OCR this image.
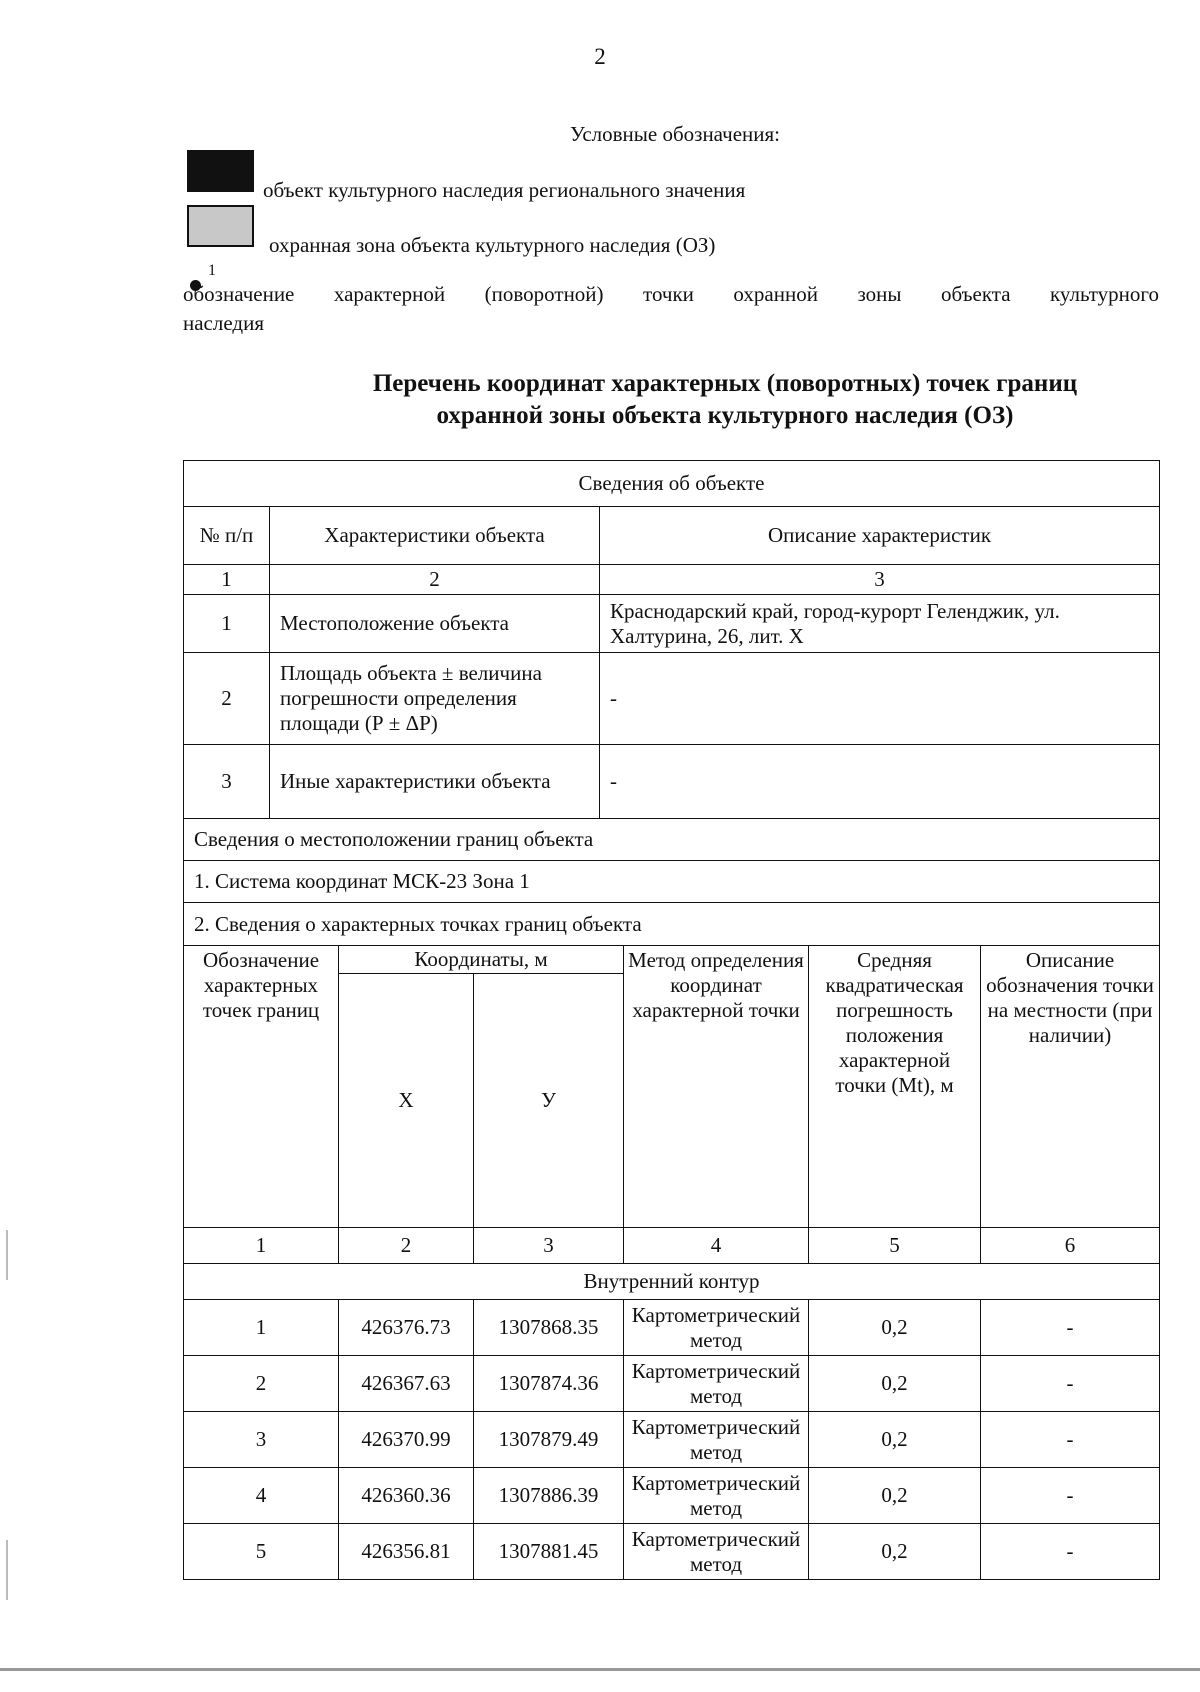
2
Условные обозначения:
объект культурного наследия регионального значения
охранная зона объекта культурного наследия (ОЗ)
1
обозначение характерной (поворотной) точки охранной зоны объекта культурного
наследия
Перечень координат характерных (поворотных) точек границ
охранной зоны объекта культурного наследия (ОЗ)
Сведения об объекте		
№ п/п	Характеристики объекта	Описание характеристик
1	2	3
1	Местоположение объекта	Краснодарский край, город-курорт Геленджик, ул. Халтурина, 26, лит. Х
2	Площадь объекта ± величина погрешности определения площади (Р ± ΔР)	-
3	Иные характеристики объекта	-
Сведения о местоположении границ объекта		
1. Система координат МСК-23 Зона 1		
2. Сведения о характерных точках границ объекта		
Обозначение характерных точек границ	Координаты, м		Метод определения координат характерной точки	Средняя квадратическая погрешность положения характерной точки (Mt), м	Описание обозначения точки на местности (при наличии)
	X	У			
1	2	3	4	5	6
Внутренний контур					
1	426376.73	1307868.35	Картометрический метод	0,2	-
2	426367.63	1307874.36	Картометрический метод	0,2	-
3	426370.99	1307879.49	Картометрический метод	0,2	-
4	426360.36	1307886.39	Картометрический метод	0,2	-
5	426356.81	1307881.45	Картометрический метод	0,2	-
